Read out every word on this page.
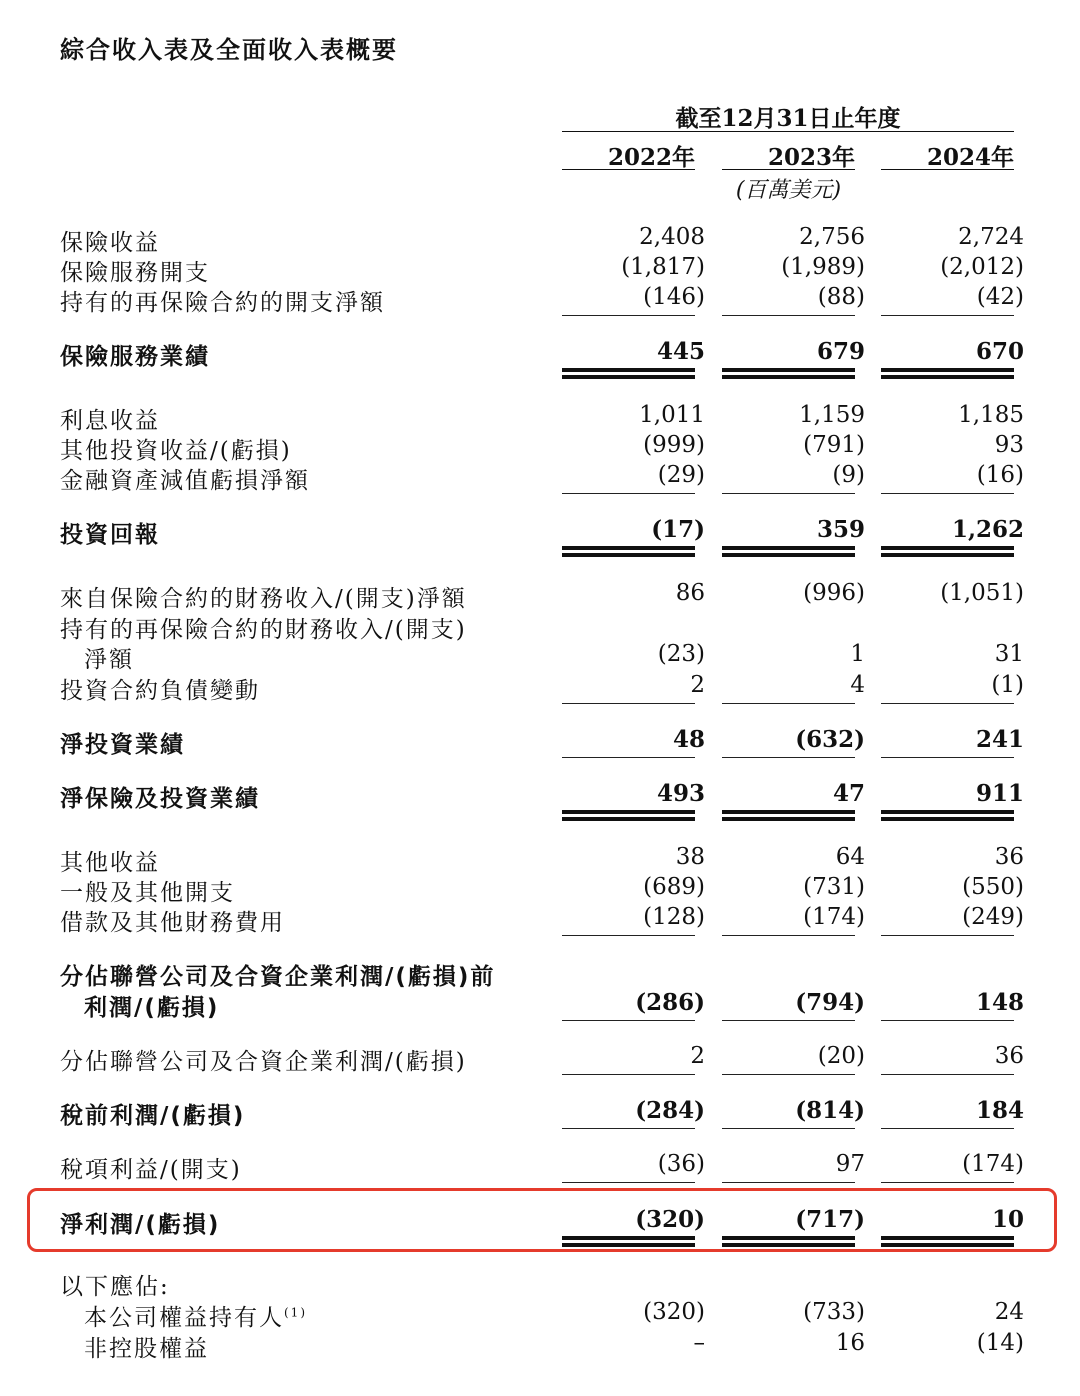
綜合收入表及全面收入表概要
截至12月31日止年度
2022年	2023年	2024年
(百萬美元)
保險收益	2,408	2,756	2,724
保險服務開支	(1,817)	(1,989)	(2,012)
持有的再保險合約的開支淨額	(146)	(88)	(42)
保險服務業績	445	679	670
利息收益	1,011	1,159	1,185
其他投資收益/(虧損)	(999)	(791)	93
金融資產減值虧損淨額	(29)	(9)	(16)
投資回報	(17)	359	1,262
來自保險合約的財務收入/(開支)淨額	86	(996)	(1,051)
持有的再保險合約的財務收入/(開支)
淨額	(23)	1	31
投資合約負債變動	2	4	(1)
淨投資業績	48	(632)	241
淨保險及投資業績	493	47	911
其他收益	38	64	36
一般及其他開支	(689)	(731)	(550)
借款及其他財務費用	(128)	(174)	(249)
分佔聯營公司及合資企業利潤/(虧損)前
利潤/(虧損)	(286)	(794)	148
分佔聯營公司及合資企業利潤/(虧損)	2	(20)	36
稅前利潤/(虧損)	(284)	(814)	184
稅項利益/(開支)	(36)	97	(174)
淨利潤/(虧損)	(320)	(717)	10
以下應佔:
本公司權益持有人$^{(1)}$	(320)	(733)	24
非控股權益	–	16	(14)
